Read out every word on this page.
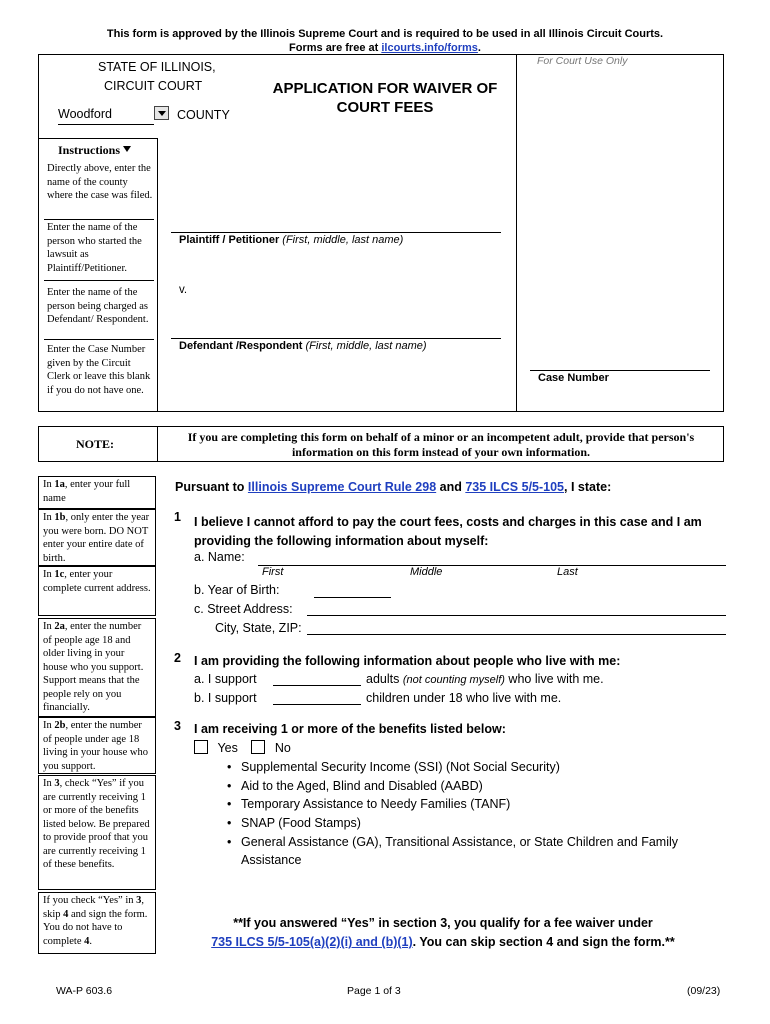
This form is approved by the Illinois Supreme Court and is required to be used in all Illinois Circuit Courts.
Forms are free at ilcourts.info/forms.
STATE OF ILLINOIS,
CIRCUIT COURT
Woodford	COUNTY
APPLICATION FOR WAIVER OF
COURT FEES
For Court Use Only
Instructions
Directly above, enter the name of the county where the case was filed.
Enter the name of the person who started the lawsuit as Plaintiff/Petitioner.
Enter the name of the person being charged as Defendant/ Respondent.
Enter the Case Number given by the Circuit Clerk or leave this blank if you do not have one.
Plaintiff / Petitioner (First, middle, last name)
v.
Defendant /Respondent (First, middle, last name)
Case Number
NOTE:	If you are completing this form on behalf of a minor or an incompetent adult, provide that person's
information on this form instead of your own information.
In 1a, enter your full name
In 1b, only enter the year you were born. DO NOT enter your entire date of birth.
In 1c, enter your complete current address.
In 2a, enter the number of people age 18 and older living in your house who you support. Support means that the people rely on you financially.
In 2b, enter the number of people under age 18 living in your house who you support.
In 3, check “Yes” if you are currently receiving 1 or more of the benefits listed below. Be prepared to provide proof that you are currently receiving 1 of these benefits.
If you check “Yes” in 3, skip 4 and sign the form. You do not have to complete 4.
Pursuant to Illinois Supreme Court Rule 298 and 735 ILCS 5/5-105, I state:
1 I believe I cannot afford to pay the court fees, costs and charges in this case and I am
providing the following information about myself:
a. Name:
First	Middle	Last
b. Year of Birth:
c. Street Address:
City, State, ZIP:
2 I am providing the following information about people who live with me:
a. I support	adults (not counting myself) who live with me.
b. I support	children under 18 who live with me.
3 I am receiving 1 or more of the benefits listed below:
Yes	No
• Supplemental Security Income (SSI) (Not Social Security)
• Aid to the Aged, Blind and Disabled (AABD)
• Temporary Assistance to Needy Families (TANF)
• SNAP (Food Stamps)
• General Assistance (GA), Transitional Assistance, or State Children and Family
Assistance
**If you answered “Yes” in section 3, you qualify for a fee waiver under
735 ILCS 5/5-105(a)(2)(i) and (b)(1). You can skip section 4 and sign the form.**
WA-P 603.6	Page 1 of 3	(09/23)
